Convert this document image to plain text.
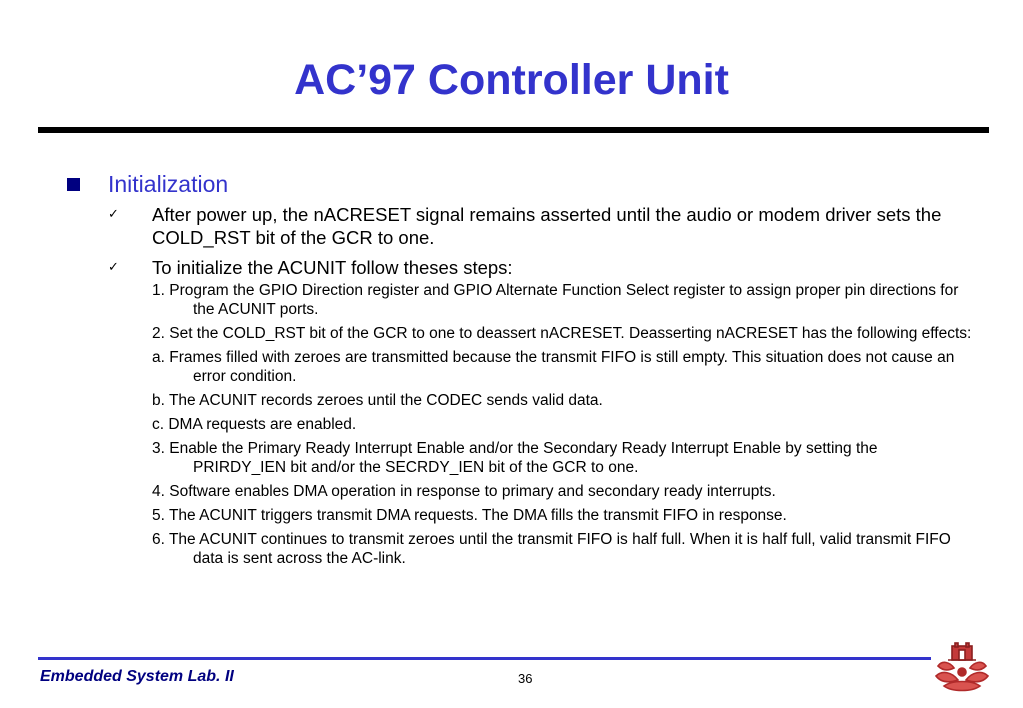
AC’97 Controller Unit
Initialization
✓ After power up, the nACRESET signal remains asserted until the audio or modem driver sets the COLD_RST bit of the GCR to one.
✓ To initialize the ACUNIT follow theses steps:
1. Program the GPIO Direction register and GPIO Alternate Function Select register to assign proper pin directions for the ACUNIT ports.
2. Set the COLD_RST bit of the GCR to one to deassert nACRESET. Deasserting nACRESET has the following effects:
a. Frames filled with zeroes are transmitted because the transmit FIFO is still empty. This situation does not cause an error condition.
b. The ACUNIT records zeroes until the CODEC sends valid data.
c. DMA requests are enabled.
3. Enable the Primary Ready Interrupt Enable and/or the Secondary Ready Interrupt Enable by setting the PRIRDY_IEN bit and/or the SECRDY_IEN bit of the GCR to one.
4. Software enables DMA operation in response to primary and secondary ready interrupts.
5. The ACUNIT triggers transmit DMA requests. The DMA fills the transmit FIFO in response.
6. The ACUNIT continues to transmit zeroes until the transmit FIFO is half full. When it is half full, valid transmit FIFO data is sent across the AC-link.
Embedded System Lab. II	36
